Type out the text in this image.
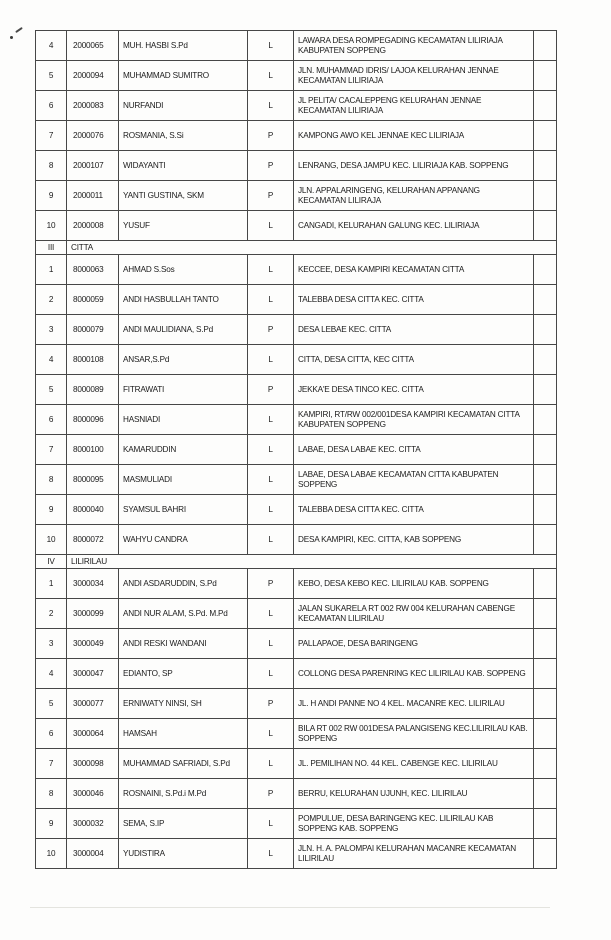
4	2000065	MUH. HASBI S.Pd	L	LAWARA DESA ROMPEGADING KECAMATAN LILIRIAJA KABUPATEN SOPPENG	
5	2000094	MUHAMMAD SUMITRO	L	JLN. MUHAMMAD IDRIS/ LAJOA KELURAHAN JENNAE KECAMATAN LILIRIAJA	
6	2000083	NURFANDI	L	JL PELITA/ CACALEPPENG KELURAHAN JENNAE KECAMATAN LILIRIAJA	
7	2000076	ROSMANIA, S.Si	P	KAMPONG AWO KEL JENNAE KEC LILIRIAJA	
8	2000107	WIDAYANTI	P	LENRANG, DESA JAMPU KEC. LILIRIAJA KAB. SOPPENG	
9	2000011	YANTI GUSTINA, SKM	P	JLN. APPALARINGENG, KELURAHAN APPANANG KECAMATAN LILIRAJA	
10	2000008	YUSUF	L	CANGADI, KELURAHAN GALUNG KEC. LILIRIAJA	
III	CITTA				
1	8000063	AHMAD S.Sos	L	KECCEE, DESA KAMPIRI KECAMATAN CITTA	
2	8000059	ANDI HASBULLAH TANTO	L	TALEBBA DESA CITTA KEC. CITTA	
3	8000079	ANDI MAULIDIANA, S.Pd	P	DESA LEBAE KEC. CITTA	
4	8000108	ANSAR,S.Pd	L	CITTA, DESA CITTA, KEC CITTA	
5	8000089	FITRAWATI	P	JEKKA'E DESA TINCO KEC. CITTA	
6	8000096	HASNIADI	L	KAMPIRI, RT/RW 002/001DESA KAMPIRI KECAMATAN CITTA KABUPATEN SOPPENG	
7	8000100	KAMARUDDIN	L	LABAE, DESA LABAE KEC. CITTA	
8	8000095	MASMULIADI	L	LABAE, DESA LABAE KECAMATAN CITTA KABUPATEN SOPPENG	
9	8000040	SYAMSUL BAHRI	L	TALEBBA DESA CITTA KEC. CITTA	
10	8000072	WAHYU CANDRA	L	DESA KAMPIRI, KEC. CITTA, KAB SOPPENG	
IV	LILIRILAU				
1	3000034	ANDI ASDARUDDIN, S.Pd	P	KEBO, DESA KEBO KEC. LILIRILAU KAB. SOPPENG	
2	3000099	ANDI NUR ALAM, S.Pd. M.Pd	L	JALAN SUKARELA RT 002 RW 004 KELURAHAN CABENGE KECAMATAN LILIRILAU	
3	3000049	ANDI RESKI WANDANI	L	PALLAPAOE, DESA BARINGENG	
4	3000047	EDIANTO, SP	L	COLLONG DESA PARENRING KEC LILIRILAU KAB. SOPPENG	
5	3000077	ERNIWATY NINSI, SH	P	JL. H ANDI PANNE NO 4 KEL. MACANRE KEC. LILIRILAU	
6	3000064	HAMSAH	L	BILA RT 002 RW 001DESA PALANGISENG KEC.LILIRILAU KAB. SOPPENG	
7	3000098	MUHAMMAD SAFRIADI, S.Pd	L	JL. PEMILIHAN NO. 44 KEL. CABENGE KEC. LILIRILAU	
8	3000046	ROSNAINI, S.Pd.i M.Pd	P	BERRU, KELURAHAN UJUNH, KEC. LILIRILAU	
9	3000032	SEMA, S.IP	L	POMPULUE, DESA BARINGENG KEC. LILIRILAU KAB SOPPENG KAB. SOPPENG	
10	3000004	YUDISTIRA	L	JLN. H. A. PALOMPAI KELURAHAN MACANRE KECAMATAN LILIRILAU	
